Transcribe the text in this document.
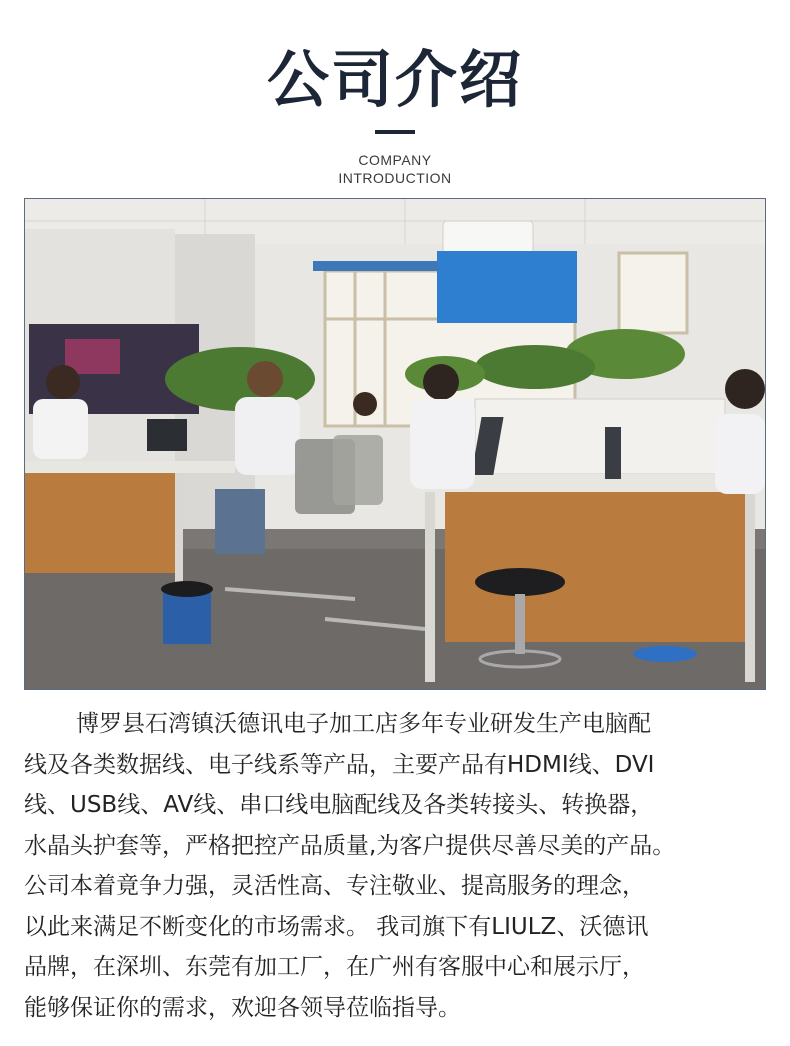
公司介绍
COMPANY
INTRODUCTION

博罗县石湾镇沃德讯电子加工店多年专业研发生产电脑配

线及各类数据线、电子线系等产品，主要产品有HDMI线、DVI

线、USB线、AV线、串口线电脑配线及各类转接头、转换器，

水晶头护套等，严格把控产品质量,为客户提供尽善尽美的产品。

公司本着竟争力强，灵活性高、专注敬业、提高服务的理念，

以此来满足不断变化的市场需求。 我司旗下有LIULZ、沃德讯

品牌，在深圳、东莞有加工厂，在广州有客服中心和展示厅，

能够保证你的需求，欢迎各领导莅临指导。
